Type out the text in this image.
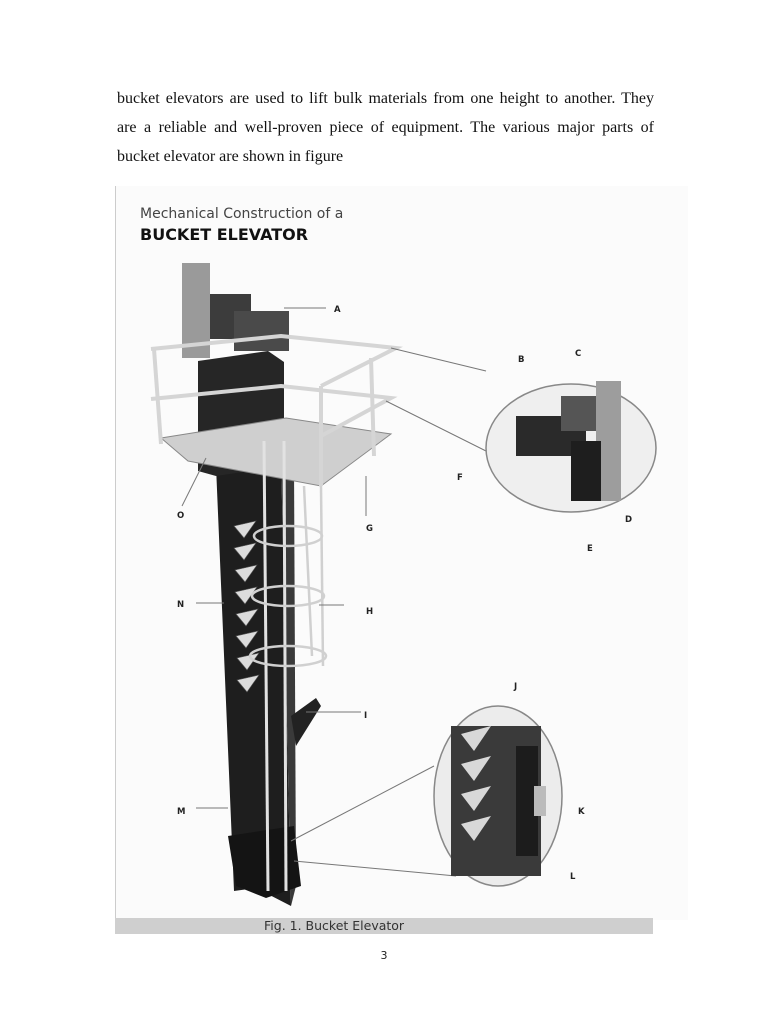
bucket elevators are used to lift bulk materials from one height to another. They
are a reliable and well-proven piece of equipment. The various major parts of
bucket elevator are shown in figure

A
B
C
D
E
F
G
H
I
J
K
L
M
N
O
Mechanical Construction of a
BUCKET ELEVATOR
Fig. 1. Bucket Elevator
3
